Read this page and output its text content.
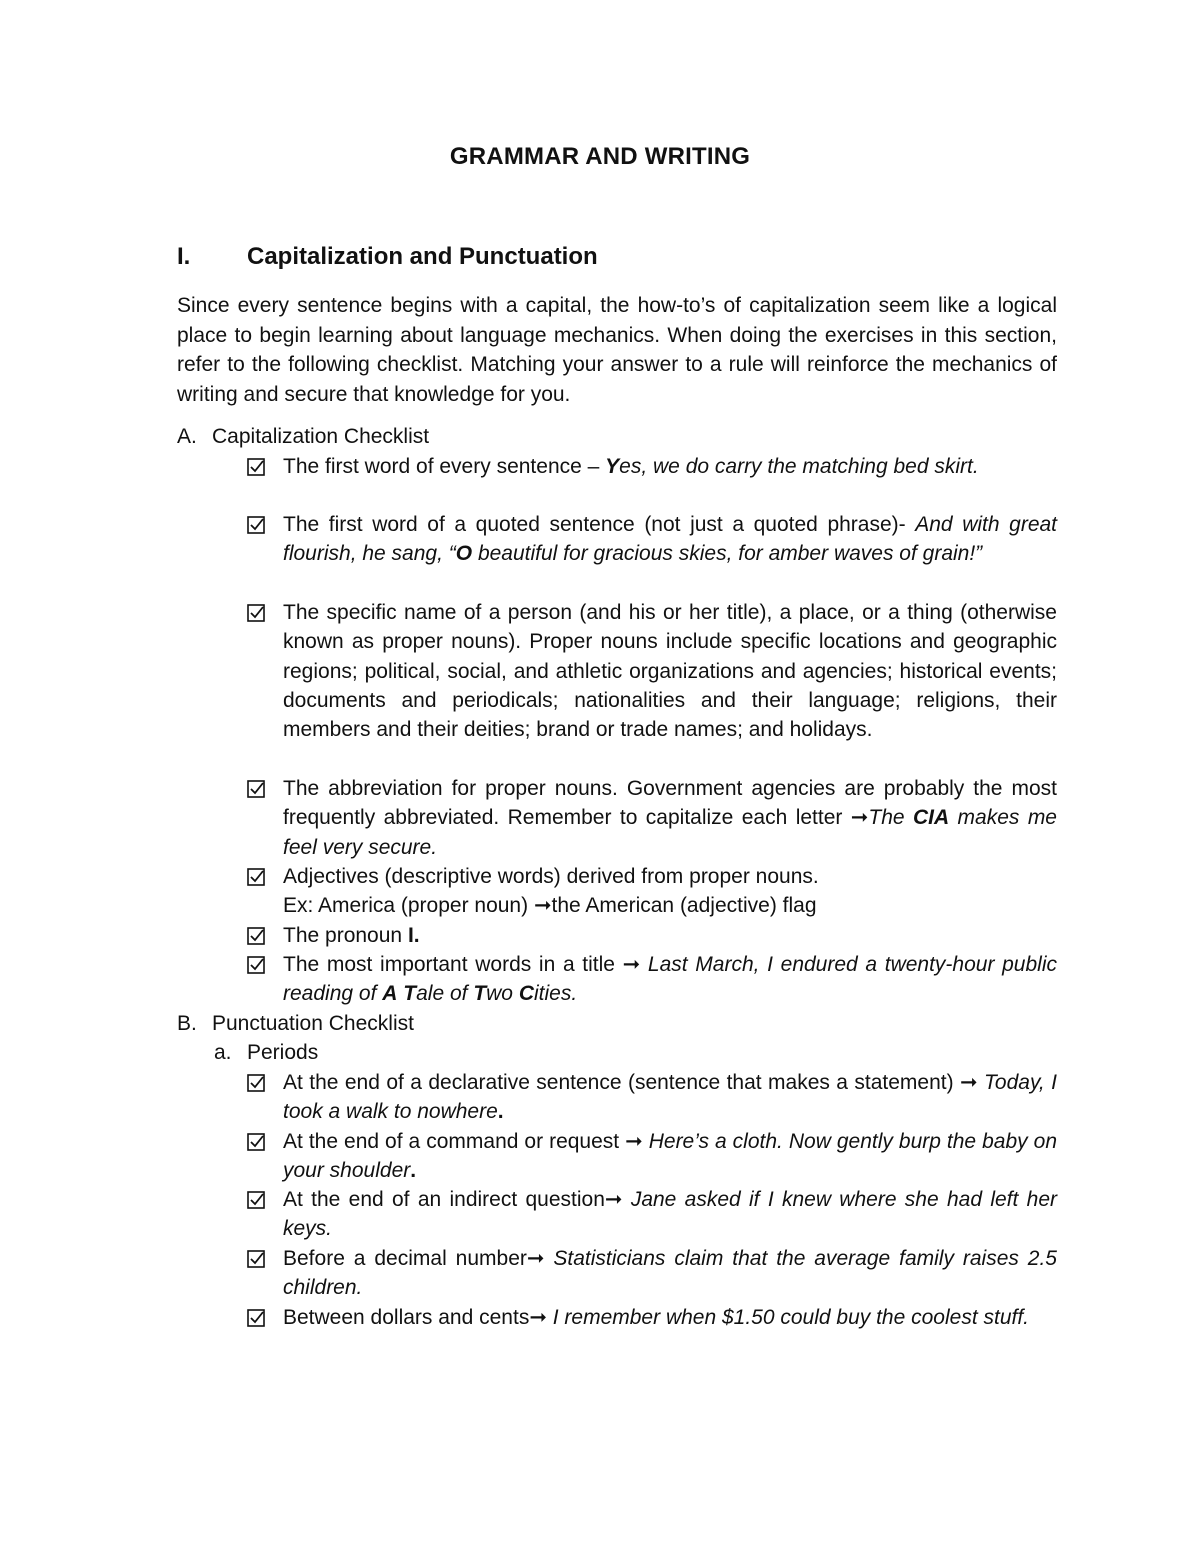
GRAMMAR AND WRITING
I. Capitalization and Punctuation
Since every sentence begins with a capital, the how-to’s of capitalization seem like a logical place to begin learning about language mechanics. When doing the exercises in this section, refer to the following checklist. Matching your answer to a rule will reinforce the mechanics of writing and secure that knowledge for you.
A. Capitalization Checklist
The first word of every sentence – Yes, we do carry the matching bed skirt.
The first word of a quoted sentence (not just a quoted phrase)- And with great flourish, he sang, “O beautiful for gracious skies, for amber waves of grain!”
The specific name of a person (and his or her title), a place, or a thing (otherwise known as proper nouns). Proper nouns include specific locations and geographic regions; political, social, and athletic organizations and agencies; historical events; documents and periodicals; nationalities and their language; religions, their members and their deities; brand or trade names; and holidays.
The abbreviation for proper nouns. Government agencies are probably the most frequently abbreviated. Remember to capitalize each letter ➞The CIA makes me feel very secure.
Adjectives (descriptive words) derived from proper nouns.
Ex: America (proper noun) ➞the American (adjective) flag
The pronoun I.
The most important words in a title ➞ Last March, I endured a twenty-hour public reading of A Tale of Two Cities.
B. Punctuation Checklist
a. Periods
At the end of a declarative sentence (sentence that makes a statement) ➞ Today, I took a walk to nowhere.
At the end of a command or request ➞ Here’s a cloth. Now gently burp the baby on your shoulder.
At the end of an indirect question➞ Jane asked if I knew where she had left her keys.
Before a decimal number➞ Statisticians claim that the average family raises 2.5 children.
Between dollars and cents➞ I remember when $1.50 could buy the coolest stuff.
